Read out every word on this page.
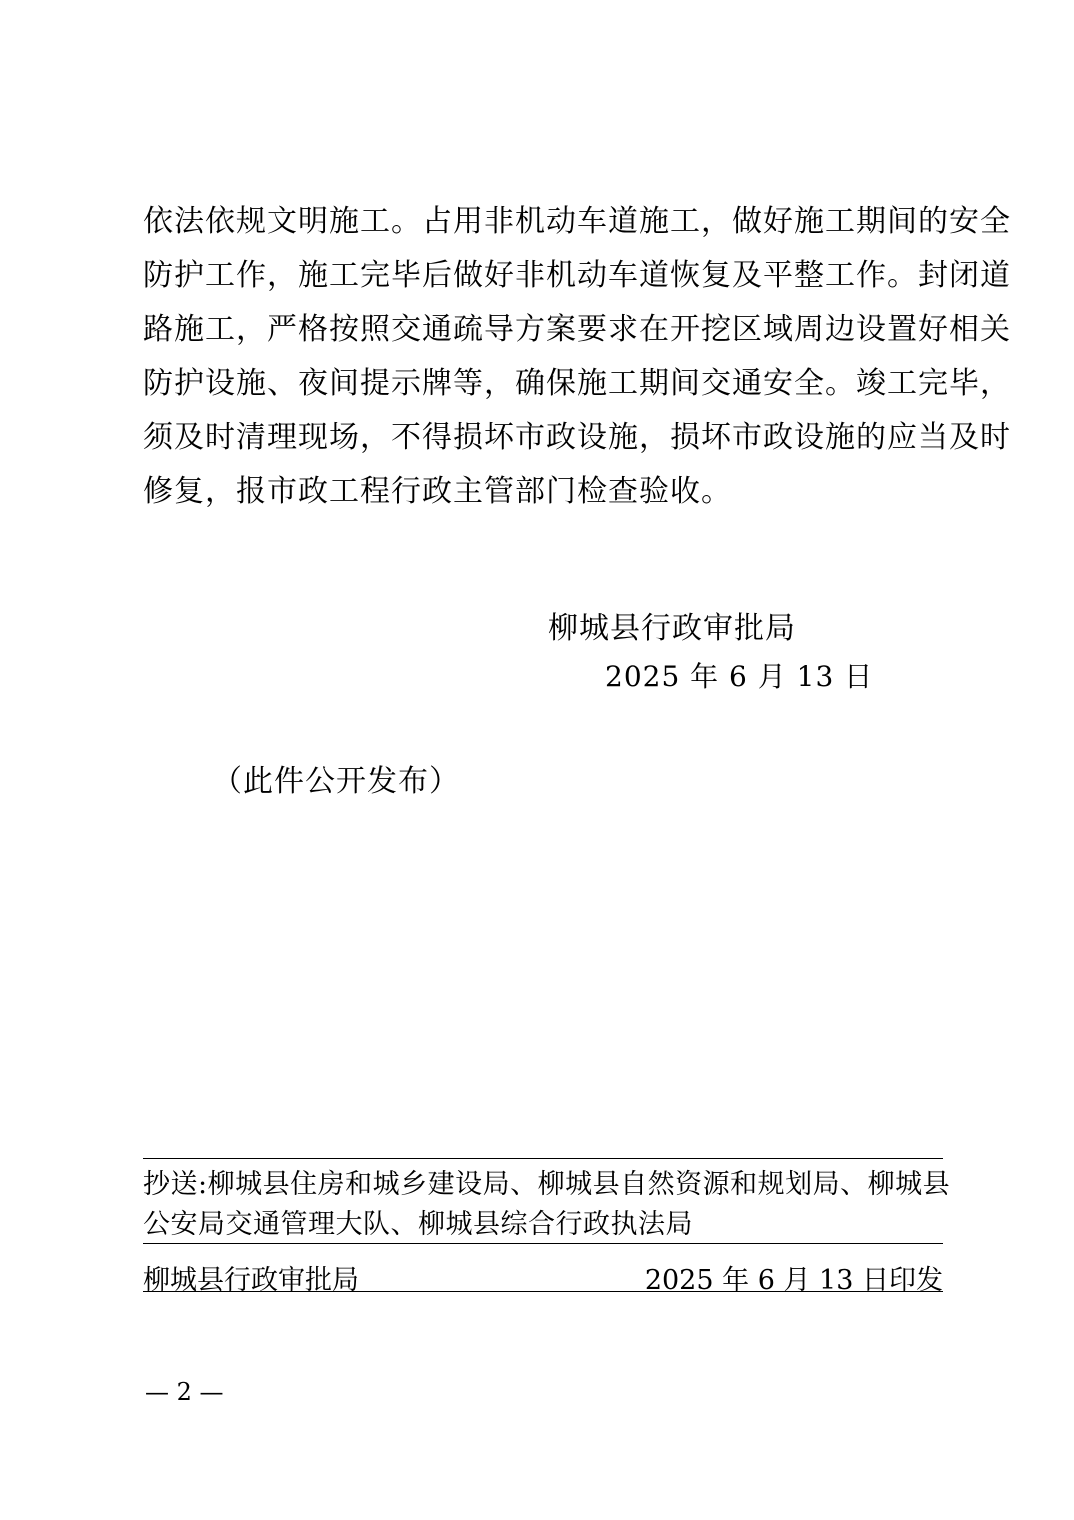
依法依规文明施工。占用非机动车道施工，做好施工期间的安全
防护工作，施工完毕后做好非机动车道恢复及平整工作。封闭道
路施工，严格按照交通疏导方案要求在开挖区域周边设置好相关
防护设施、夜间提示牌等，确保施工期间交通安全。竣工完毕，
须及时清理现场，不得损坏市政设施，损坏市政设施的应当及时
修复，报市政工程行政主管部门检查验收。
柳城县行政审批局
2025 年 6 月 13 日
（此件公开发布）
抄送:柳城县住房和城乡建设局、柳城县自然资源和规划局、柳城县
公安局交通管理大队、柳城县综合行政执法局
柳城县行政审批局	2025 年 6 月 13 日印发
— 2 —
